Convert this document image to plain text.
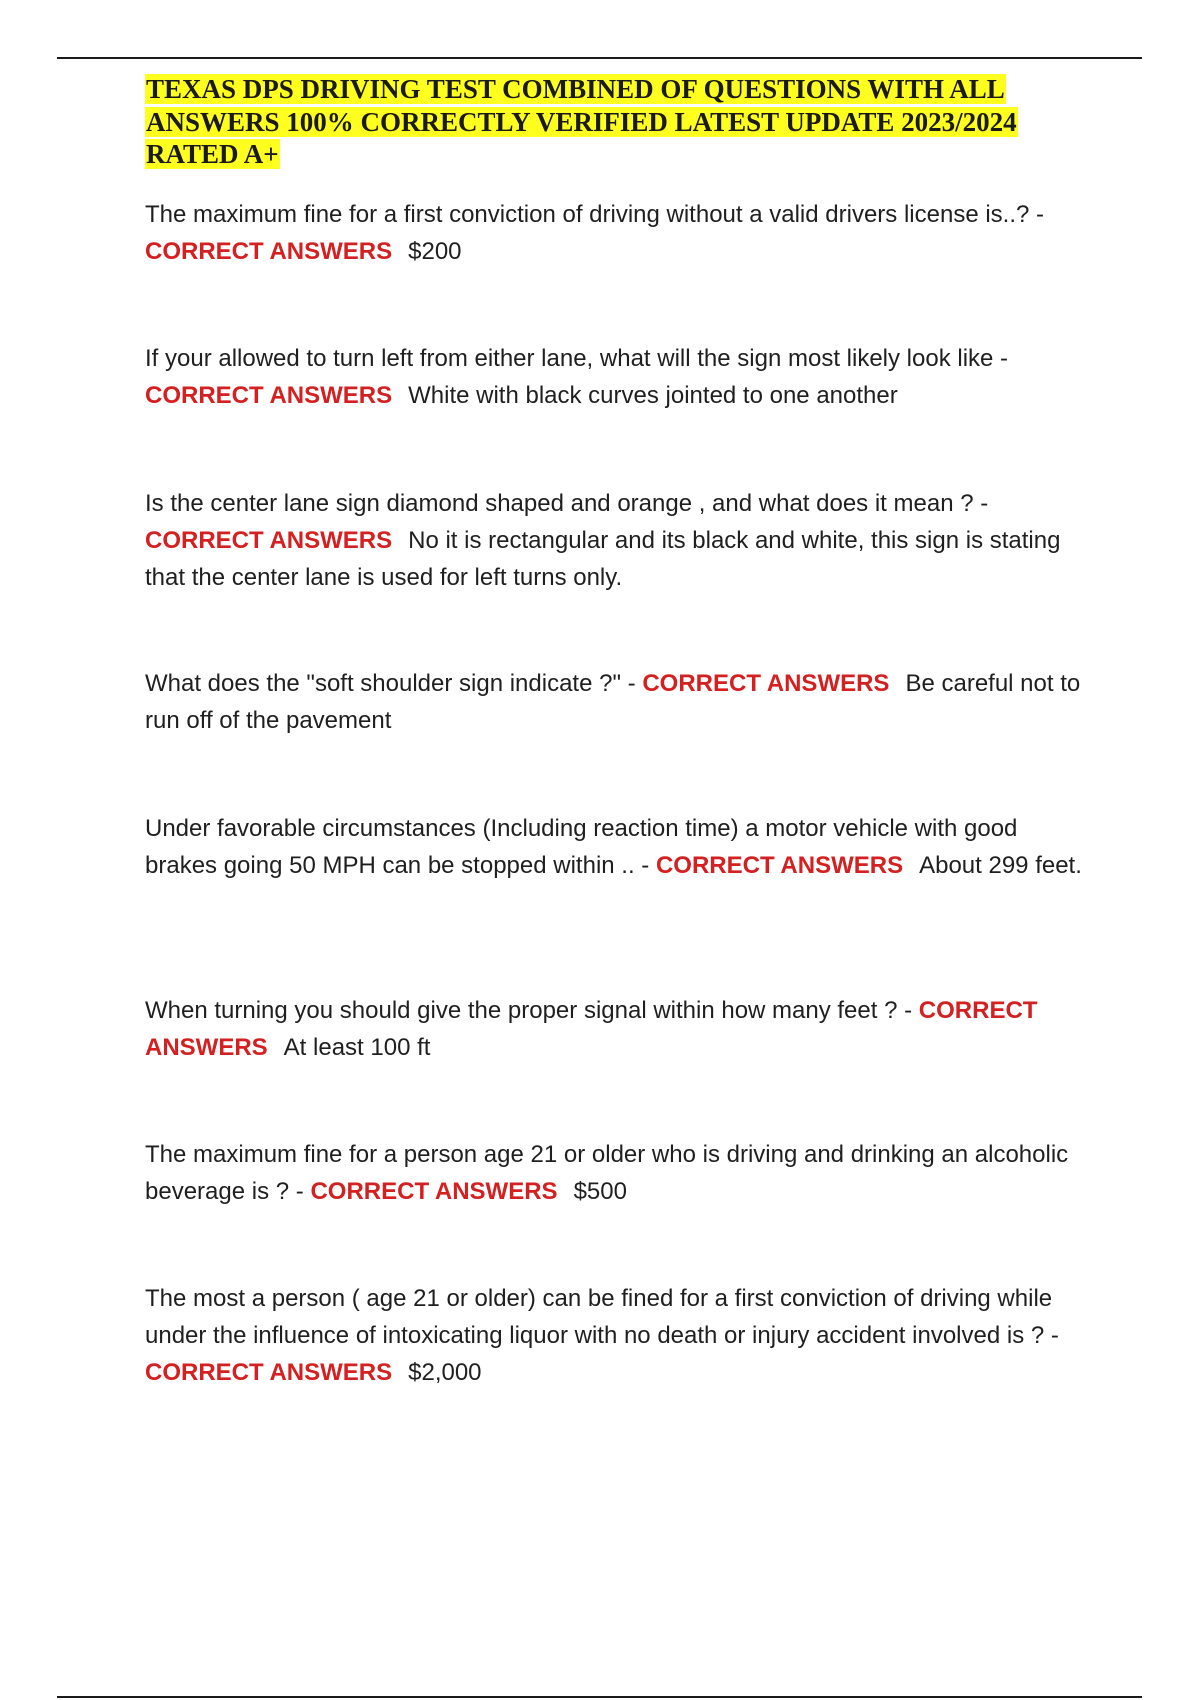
TEXAS DPS DRIVING TEST COMBINED OF QUESTIONS WITH ALL ANSWERS 100% CORRECTLY VERIFIED LATEST UPDATE 2023/2024 RATED A+

The maximum fine for a first conviction of driving without a valid drivers license is..? - CORRECT ANSWERS $200

If your allowed to turn left from either lane, what will the sign most likely look like - CORRECT ANSWERS White with black curves jointed to one another

Is the center lane sign diamond shaped and orange , and what does it mean ? - CORRECT ANSWERS No it is rectangular and its black and white, this sign is stating that the center lane is used for left turns only.

What does the "soft shoulder sign indicate ?" - CORRECT ANSWERS Be careful not to run off of the pavement

Under favorable circumstances (Including reaction time) a motor vehicle with good brakes going 50 MPH can be stopped within .. - CORRECT ANSWERS About 299 feet.

When turning you should give the proper signal within how many feet ? - CORRECT ANSWERS At least 100 ft

The maximum fine for a person age 21 or older who is driving and drinking an alcoholic beverage is ? - CORRECT ANSWERS $500

The most a person ( age 21 or older) can be fined for a first conviction of driving while under the influence of intoxicating liquor with no death or injury accident involved is ? - CORRECT ANSWERS $2,000
